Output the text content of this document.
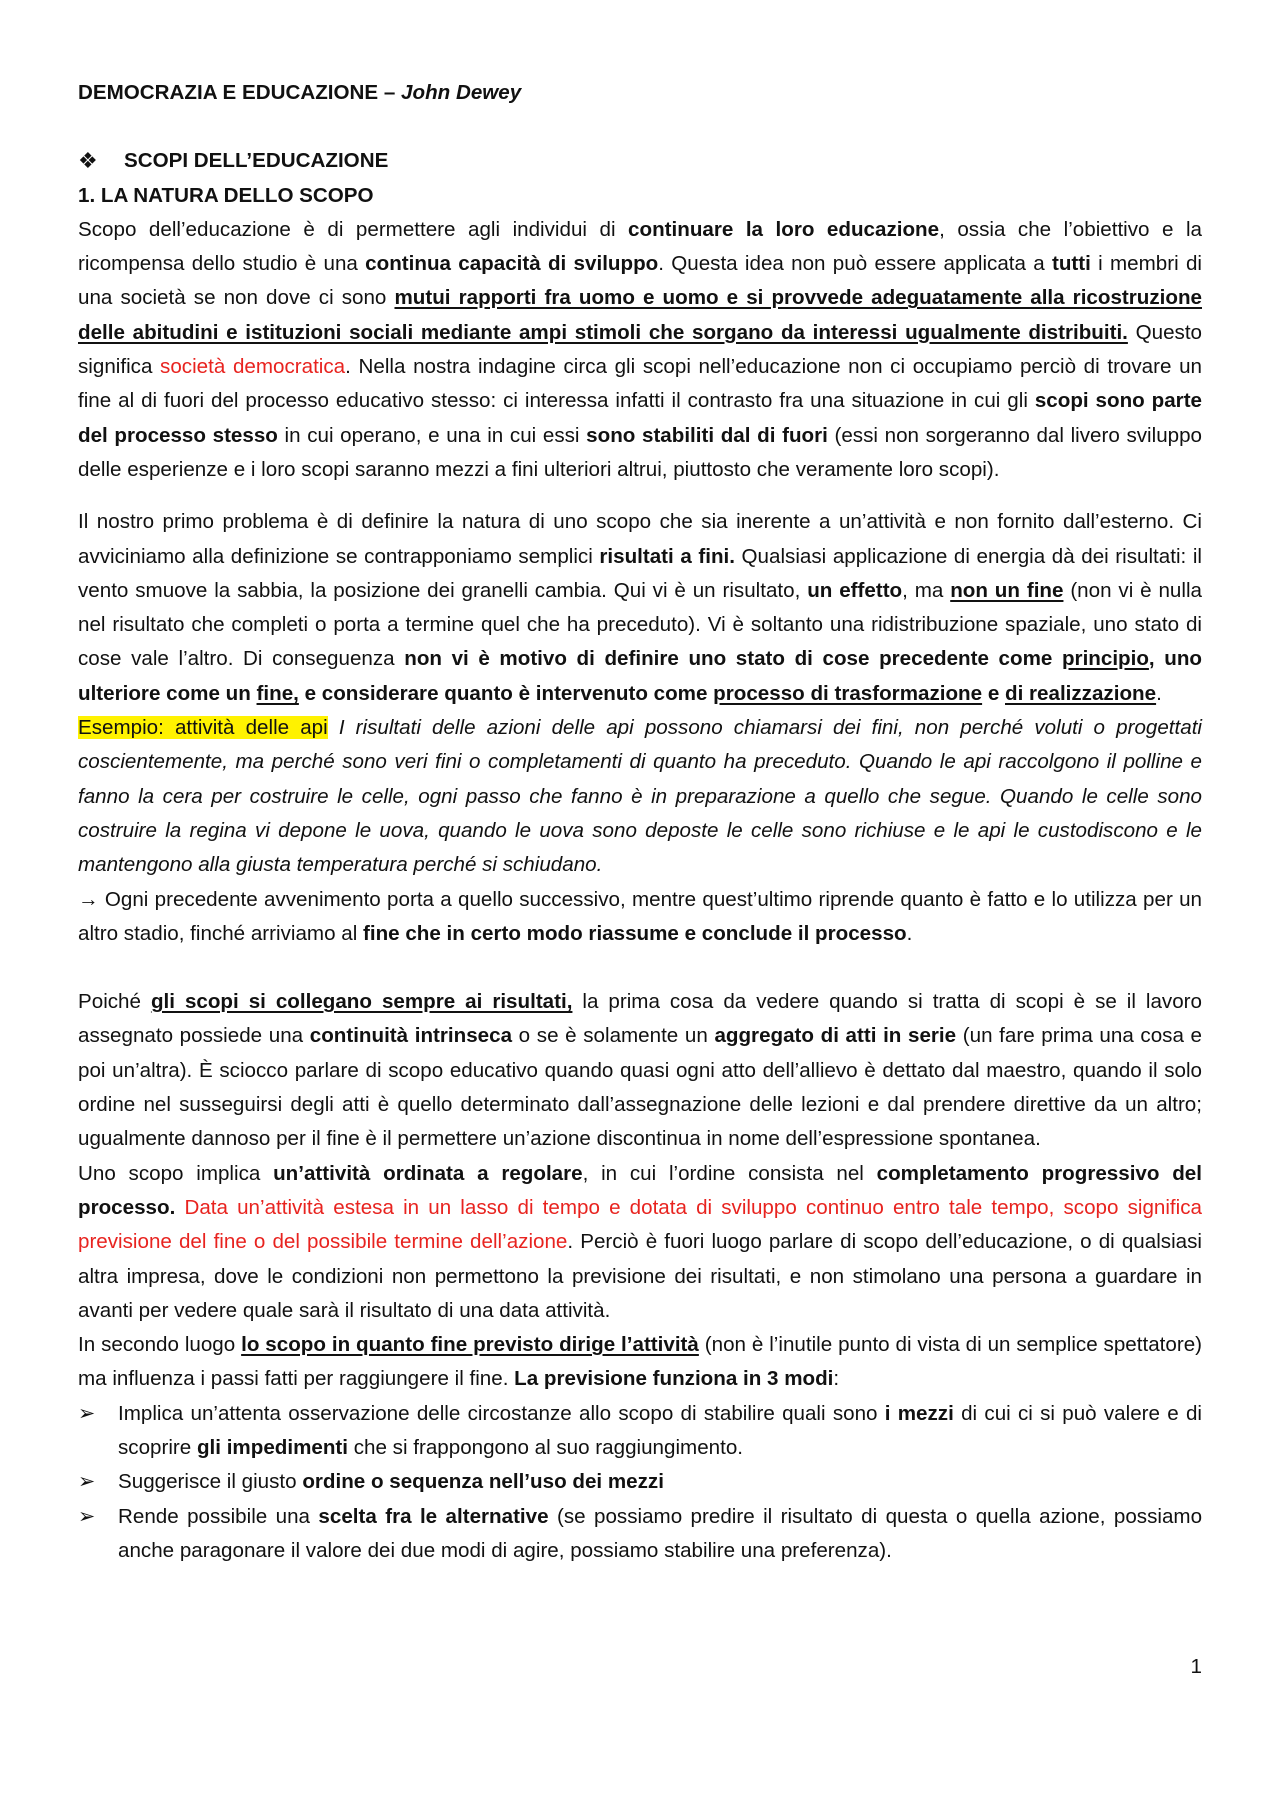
DEMOCRAZIA E EDUCAZIONE – John Dewey

❖	SCOPI DELL’EDUCAZIONE

1. LA NATURA DELLO SCOPO

Scopo dell’educazione è di permettere agli individui di continuare la loro educazione, ossia che l’obiettivo e la ricompensa dello studio è una continua capacità di sviluppo. Questa idea non può essere applicata a tutti i membri di una società se non dove ci sono mutui rapporti fra uomo e uomo e si provvede adeguatamente alla ricostruzione delle abitudini e istituzioni sociali mediante ampi stimoli che sorgano da interessi ugualmente distribuiti. Questo significa società democratica. Nella nostra indagine circa gli scopi nell’educazione non ci occupiamo perciò di trovare un fine al di fuori del processo educativo stesso: ci interessa infatti il contrasto fra una situazione in cui gli scopi sono parte del processo stesso in cui operano, e una in cui essi sono stabiliti dal di fuori (essi non sorgeranno dal livero sviluppo delle esperienze e i loro scopi saranno mezzi a fini ulteriori altrui, piuttosto che veramente loro scopi).

Il nostro primo problema è di definire la natura di uno scopo che sia inerente a un’attività e non fornito dall’esterno. Ci avviciniamo alla definizione se contrapponiamo semplici risultati a fini. Qualsiasi applicazione di energia dà dei risultati: il vento smuove la sabbia, la posizione dei granelli cambia. Qui vi è un risultato, un effetto, ma non un fine (non vi è nulla nel risultato che completi o porta a termine quel che ha preceduto). Vi è soltanto una ridistribuzione spaziale, uno stato di cose vale l’altro. Di conseguenza non vi è motivo di definire uno stato di cose precedente come principio, uno ulteriore come un fine, e considerare quanto è intervenuto come processo di trasformazione e di realizzazione.

Esempio: attività delle api I risultati delle azioni delle api possono chiamarsi dei fini, non perché voluti o progettati coscientemente, ma perché sono veri fini o completamenti di quanto ha preceduto. Quando le api raccolgono il polline e fanno la cera per costruire le celle, ogni passo che fanno è in preparazione a quello che segue. Quando le celle sono costruire la regina vi depone le uova, quando le uova sono deposte le celle sono richiuse e le api le custodiscono e le mantengono alla giusta temperatura perché si schiudano.

→ Ogni precedente avvenimento porta a quello successivo, mentre quest’ultimo riprende quanto è fatto e lo utilizza per un altro stadio, finché arriviamo al fine che in certo modo riassume e conclude il processo.

Poiché gli scopi si collegano sempre ai risultati, la prima cosa da vedere quando si tratta di scopi è se il lavoro assegnato possiede una continuità intrinseca o se è solamente un aggregato di atti in serie (un fare prima una cosa e poi un’altra). È sciocco parlare di scopo educativo quando quasi ogni atto dell’allievo è dettato dal maestro, quando il solo ordine nel susseguirsi degli atti è quello determinato dall’assegnazione delle lezioni e dal prendere direttive da un altro; ugualmente dannoso per il fine è il permettere un’azione discontinua in nome dell’espressione spontanea.

Uno scopo implica un’attività ordinata a regolare, in cui l’ordine consista nel completamento progressivo del processo. Data un’attività estesa in un lasso di tempo e dotata di sviluppo continuo entro tale tempo, scopo significa previsione del fine o del possibile termine dell’azione. Perciò è fuori luogo parlare di scopo dell’educazione, o di qualsiasi altra impresa, dove le condizioni non permettono la previsione dei risultati, e non stimolano una persona a guardare in avanti per vedere quale sarà il risultato di una data attività.

In secondo luogo lo scopo in quanto fine previsto dirige l’attività (non è l’inutile punto di vista di un semplice spettatore) ma influenza i passi fatti per raggiungere il fine. La previsione funziona in 3 modi:

➢ Implica un’attenta osservazione delle circostanze allo scopo di stabilire quali sono i mezzi di cui ci si può valere e di scoprire gli impedimenti che si frappongono al suo raggiungimento.
➢ Suggerisce il giusto ordine o sequenza nell’uso dei mezzi
➢ Rende possibile una scelta fra le alternative (se possiamo predire il risultato di questa o quella azione, possiamo anche paragonare il valore dei due modi di agire, possiamo stabilire una preferenza).
1
